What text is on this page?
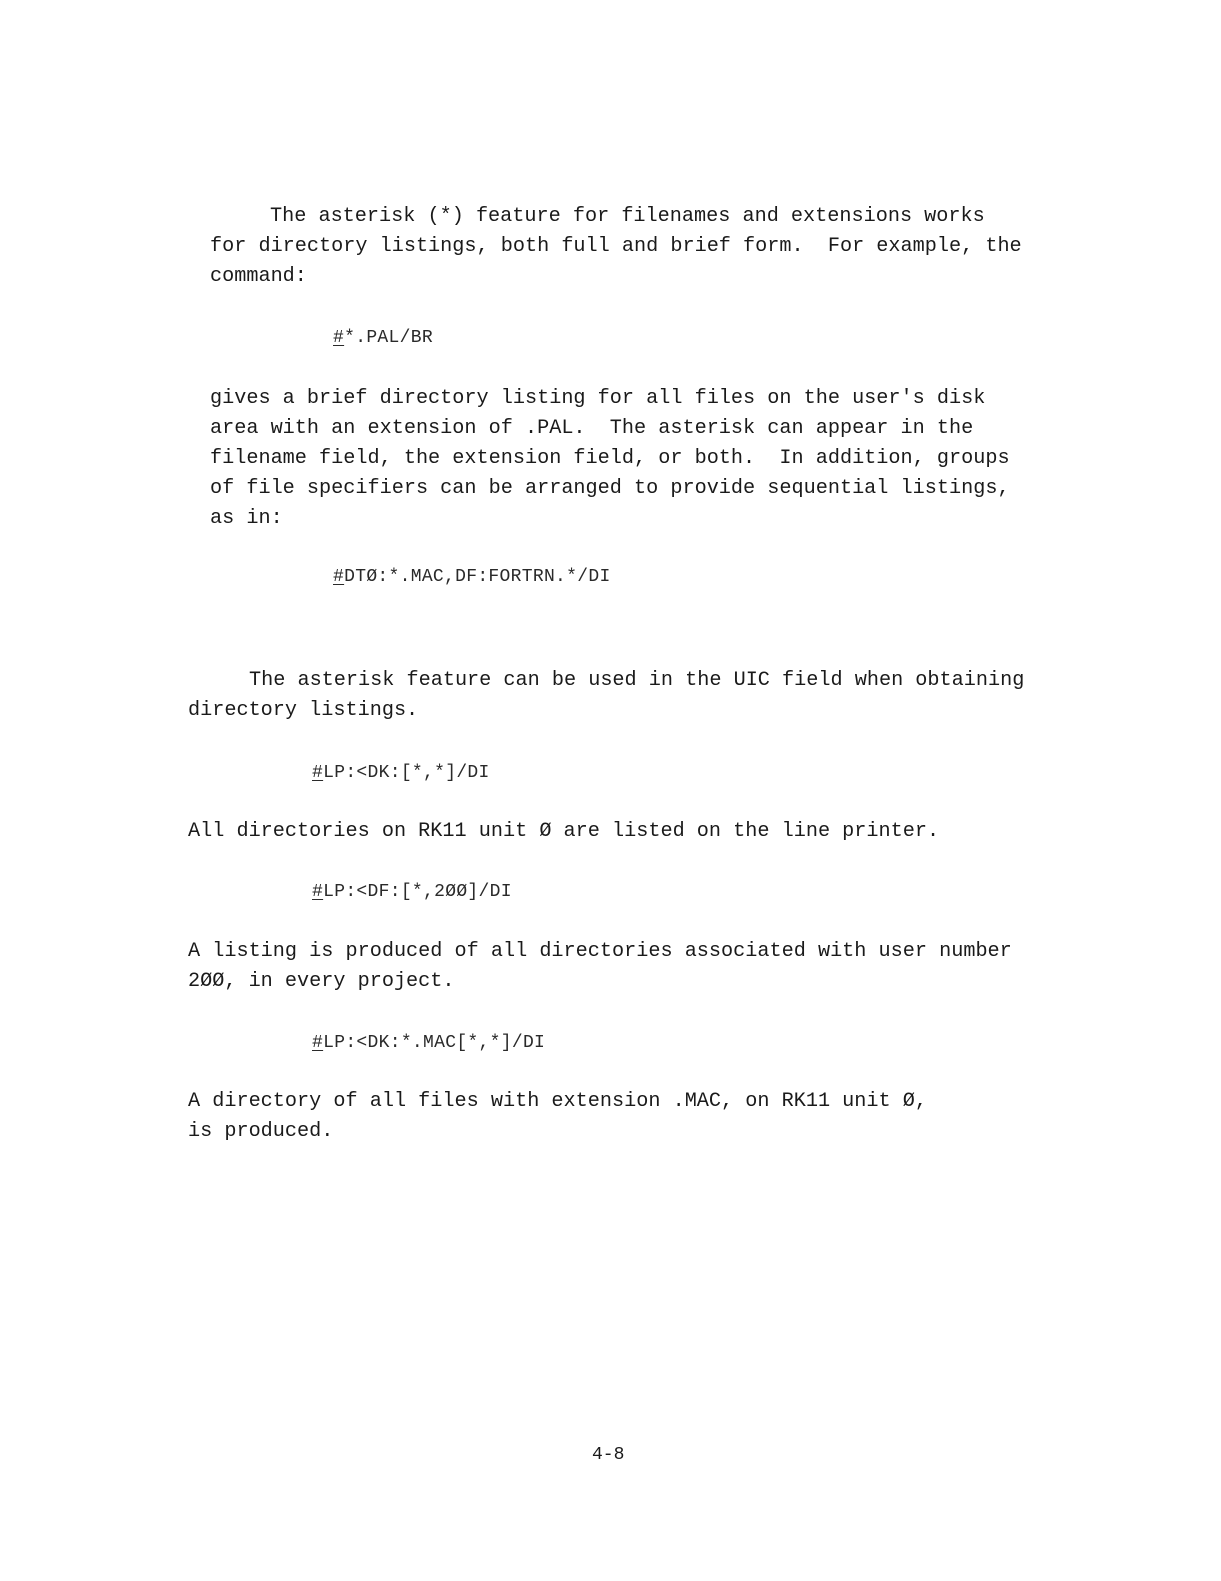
The asterisk (*) feature for filenames and extensions works
for directory listings, both full and brief form.  For example, the
command:
#*.PAL/BR
gives a brief directory listing for all files on the user's disk
area with an extension of .PAL.  The asterisk can appear in the
filename field, the extension field, or both.  In addition, groups
of file specifiers can be arranged to provide sequential listings,
as in:
#DTØ:*.MAC,DF:FORTRN.*/DI
The asterisk feature can be used in the UIC field when obtaining
directory listings.
#LP:<DK:[*,*]/DI
All directories on RK11 unit Ø are listed on the line printer.
#LP:<DF:[*,2ØØ]/DI
A listing is produced of all directories associated with user number
2ØØ, in every project.
#LP:<DK:*.MAC[*,*]/DI
A directory of all files with extension .MAC, on RK11 unit Ø,
is produced.
4-8
